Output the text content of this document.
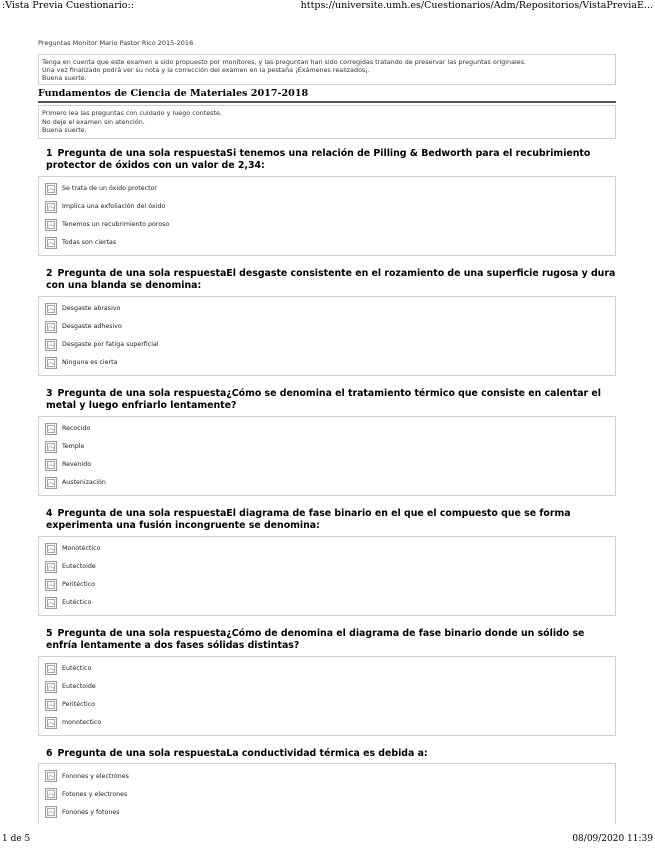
:Vista Previa Cuestionario::	https://universite.umh.es/Cuestionarios/Adm/Repositorios/VistaPreviaE...
Preguntas Monitor Mario Pastor Rico 2015-2016
Tenga en cuenta que este examen a sido propuesto por monitores, y las preguntan han sido corregidas tratando de preservar las preguntas originales.
Una vez finalizado podrá ver su nota y la corrección del examen en la pestaña ¡Exámenes realizados¡.
Buena suerte.
Fundamentos de Ciencia de Materiales 2017-2018
Primero lea las preguntas con cuidado y luego conteste.
No deje el examen sin atención.
Buena suerte.
1 Pregunta de una sola respuestaSi tenemos una relación de Pilling & Bedworth para el recubrimiento protector de óxidos con un valor de 2,34:
Se trata de un óxido protector
Implica una exfoliación del óxido
Tenemos un recubrimiento poroso
Todas son ciertas
2 Pregunta de una sola respuestaEl desgaste consistente en el rozamiento de una superficie rugosa y dura con una blanda se denomina:
Desgaste abrasivo
Desgaste adhesivo
Desgaste por fatiga superficial
Ninguna es cierta
3 Pregunta de una sola respuesta¿Cómo se denomina el tratamiento térmico que consiste en calentar el metal y luego enfriarlo lentamente?
Recocido
Temple
Revenido
Austenización
4 Pregunta de una sola respuestaEl diagrama de fase binario en el que el compuesto que se forma experimenta una fusión incongruente se denomina:
Monotéctico
Eutectoide
Peritéctico
Eutéctico
5 Pregunta de una sola respuesta¿Cómo de denomina el diagrama de fase binario donde un sólido se enfría lentamente a dos fases sólidas distintas?
Eutéctico
Eutectoide
Peritéctico
monotectico
6 Pregunta de una sola respuestaLa conductividad térmica es debida a:
Fonones y electrones
Fotones y electrones
Fonones y fotones
1 de 5	08/09/2020 11:39
